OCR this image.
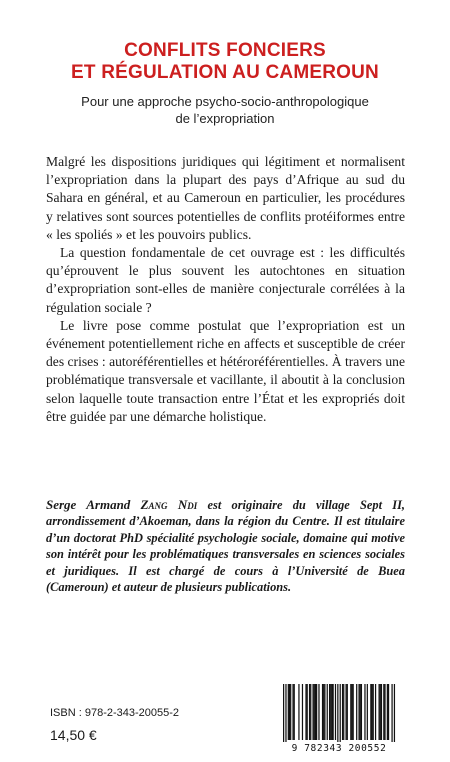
CONFLITS FONCIERS
ET RÉGULATION AU CAMEROUN
Pour une approche psycho-socio-anthropologique
de l’expropriation

Malgré les dispositions juridiques qui légitiment et normalisent l’expropriation dans la plupart des pays d’Afrique au sud du Sahara en général, et au Cameroun en particulier, les procédures y relatives sont sources potentielles de conflits protéiformes entre « les spoliés » et les pouvoirs publics.

La question fondamentale de cet ouvrage est : les difficultés qu’éprouvent le plus souvent les autochtones en situation d’expropriation sont-elles de manière conjecturale corrélées à la régulation sociale ?

Le livre pose comme postulat que l’expropriation est un événement potentiellement riche en affects et susceptible de créer des crises : autoréférentielles et hétéroréférentielles. À travers une problématique transversale et vacillante, il aboutit à la conclusion selon laquelle toute transaction entre l’État et les expropriés doit être guidée par une démarche holistique.

Serge Armand Zang Ndi est originaire du village Sept II, arrondissement d’Akoeman, dans la région du Centre. Il est titulaire d’un doctorat PhD spécialité psychologie sociale, domaine qui motive son intérêt pour les problématiques transversales en sciences sociales et juridiques. Il est chargé de cours à l’Université de Buea (Cameroun) et auteur de plusieurs publications.
ISBN : 978-2-343-20055-2
14,50 €
9 782343 200552
